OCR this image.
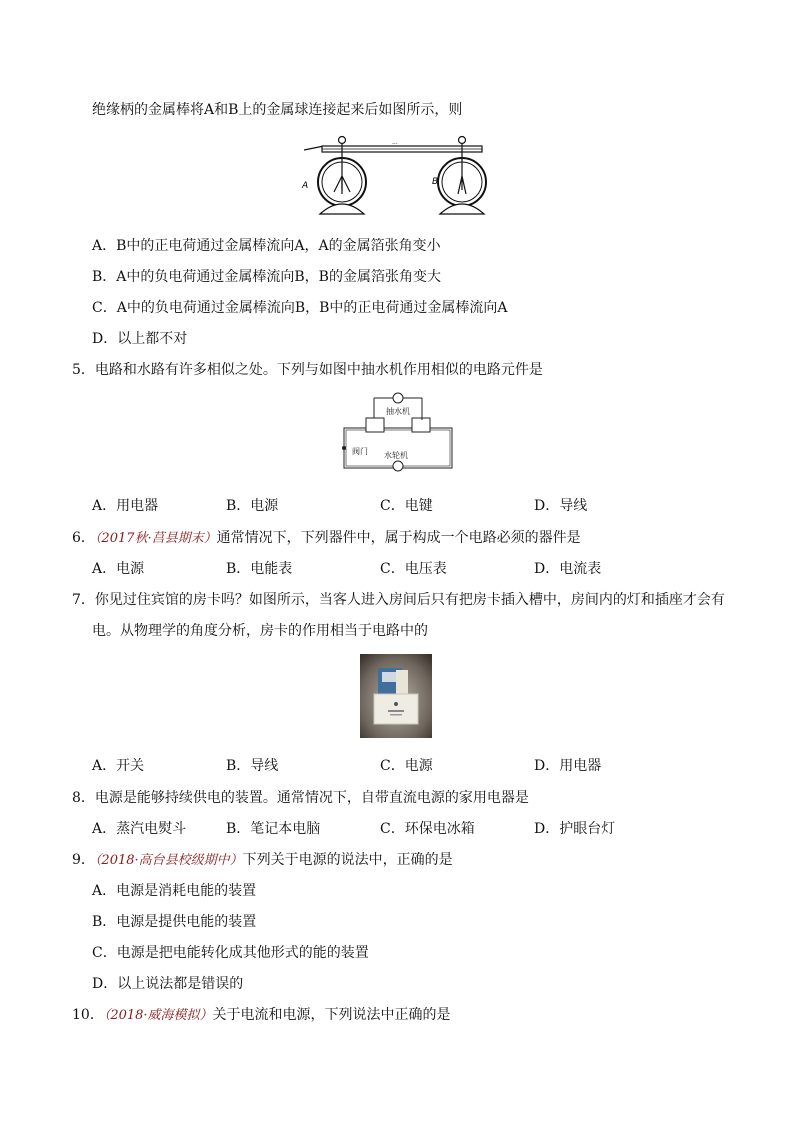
绝缘柄的金属棒将A和B上的金属球连接起来后如图所示，则
...
A	B
A．B中的正电荷通过金属棒流向A，A的金属箔张角变小
B．A中的负电荷通过金属棒流向B，B的金属箔张角变大
C．A中的负电荷通过金属棒流向B，B中的正电荷通过金属棒流向A
D．以上都不对
5．电路和水路有许多相似之处。下列与如图中抽水机作用相似的电路元件是
抽水机
阀门 水轮机
A．用电器	B．电源	C．电键	D．导线
6．（2017秋·莒县期末）通常情况下，下列器件中，属于构成一个电路必须的器件是
A．电源	B．电能表	C．电压表	D．电流表
7．你见过住宾馆的房卡吗？如图所示，当客人进入房间后只有把房卡插入槽中，房间内的灯和插座才会有
电。从物理学的角度分析，房卡的作用相当于电路中的
A．开关	B．导线	C．电源	D．用电器
8．电源是能够持续供电的装置。通常情况下，自带直流电源的家用电器是
A．蒸汽电熨斗	B．笔记本电脑	C．环保电冰箱	D．护眼台灯
9．（2018·高台县校级期中）下列关于电源的说法中，正确的是
A．电源是消耗电能的装置
B．电源是提供电能的装置
C．电源是把电能转化成其他形式的能的装置
D．以上说法都是错误的
10．（2018·威海模拟）关于电流和电源，下列说法中正确的是
